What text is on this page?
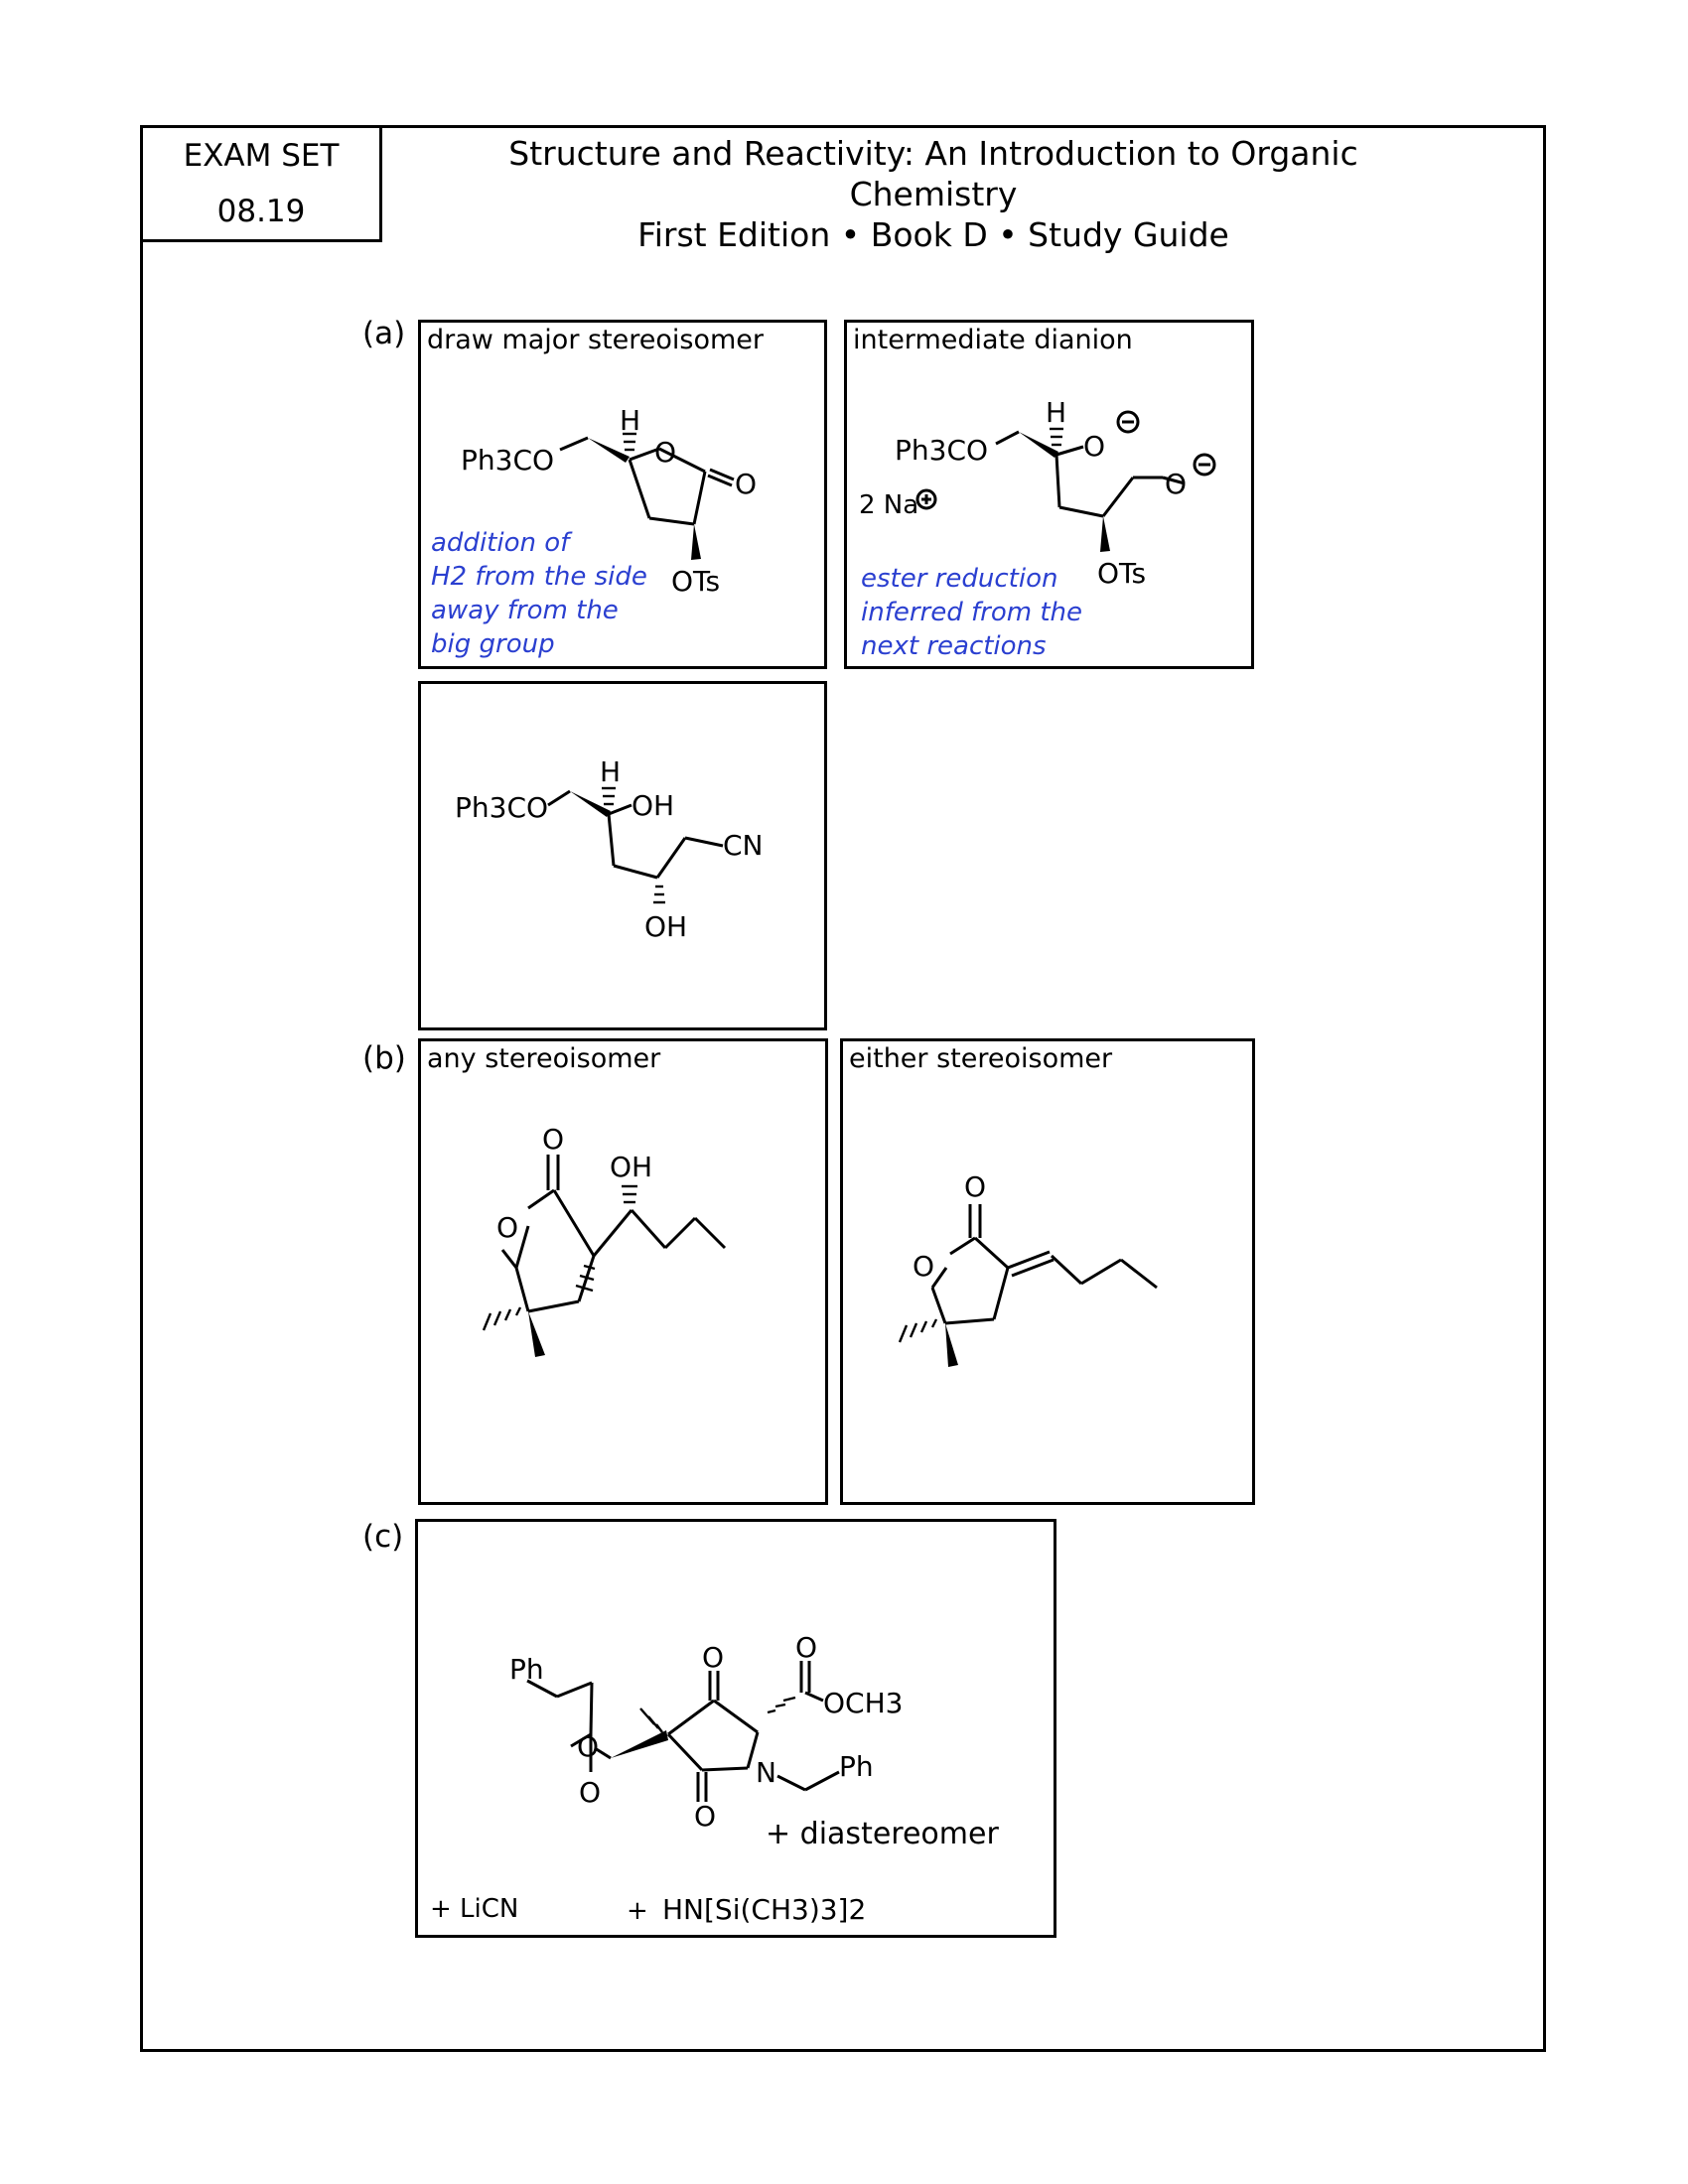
EXAM SET
08.19
Structure and Reactivity: An Introduction to Organic Chemistry
First Edition • Book D • Study Guide
(a)
(b)
(c)
draw major stereoisomer
H
O
O
Ph3CO
OTs
addition of
H2 from the side
away from the
big group
intermediate dianion
H
O
O
Ph3CO
2 Na
OTs
ester reduction
inferred from the
next reactions
H
OH
CN
OH
Ph3CO
any stereoisomer
O
O
OH
either stereoisomer
O
O
Ph
O
O
O
O
O
OCH3
N Ph
+ diastereomer
+ LiCN	+ HN[Si(CH3)3]2
